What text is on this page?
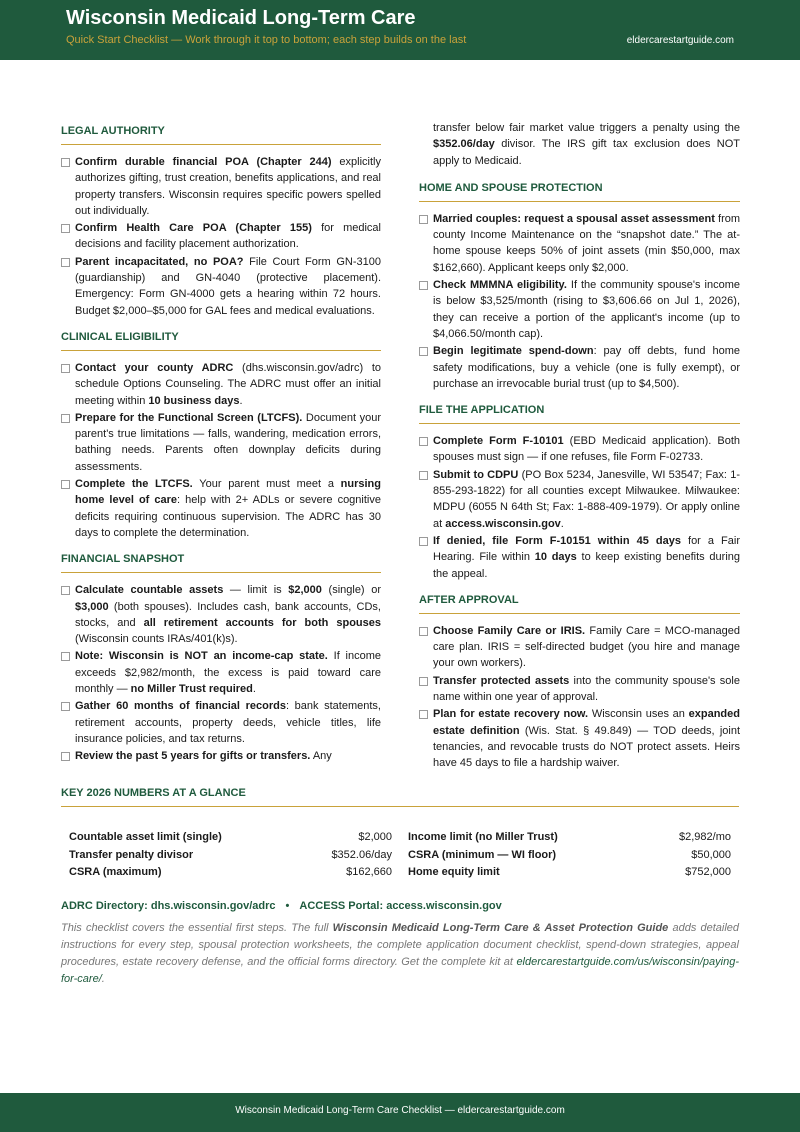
Wisconsin Medicaid Long-Term Care
Quick Start Checklist — Work through it top to bottom; each step builds on the last	eldercarestartguide.com
LEGAL AUTHORITY
Confirm durable financial POA (Chapter 244) explicitly authorizes gifting, trust creation, benefits applications, and real property transfers. Wisconsin requires specific powers spelled out individually.
Confirm Health Care POA (Chapter 155) for medical decisions and facility placement authorization.
Parent incapacitated, no POA? File Court Form GN-3100 (guardianship) and GN-4040 (protective placement). Emergency: Form GN-4000 gets a hearing within 72 hours. Budget $2,000–$5,000 for GAL fees and medical evaluations.
CLINICAL ELIGIBILITY
Contact your county ADRC (dhs.wisconsin.gov/adrc) to schedule Options Counseling. The ADRC must offer an initial meeting within 10 business days.
Prepare for the Functional Screen (LTCFS). Document your parent's true limitations — falls, wandering, medication errors, bathing needs. Parents often downplay deficits during assessments.
Complete the LTCFS. Your parent must meet a nursing home level of care: help with 2+ ADLs or severe cognitive deficits requiring continuous supervision. The ADRC has 30 days to complete the determination.
FINANCIAL SNAPSHOT
Calculate countable assets — limit is $2,000 (single) or $3,000 (both spouses). Includes cash, bank accounts, CDs, stocks, and all retirement accounts for both spouses (Wisconsin counts IRAs/401(k)s).
Note: Wisconsin is NOT an income-cap state. If income exceeds $2,982/month, the excess is paid toward care monthly — no Miller Trust required.
Gather 60 months of financial records: bank statements, retirement accounts, property deeds, vehicle titles, life insurance policies, and tax returns.
Review the past 5 years for gifts or transfers. Any
transfer below fair market value triggers a penalty using the $352.06/day divisor. The IRS gift tax exclusion does NOT apply to Medicaid.
HOME AND SPOUSE PROTECTION
Married couples: request a spousal asset assessment from county Income Maintenance on the “snapshot date.” The at-home spouse keeps 50% of joint assets (min $50,000, max $162,660). Applicant keeps only $2,000.
Check MMMNA eligibility. If the community spouse's income is below $3,525/month (rising to $3,606.66 on Jul 1, 2026), they can receive a portion of the applicant's income (up to $4,066.50/month cap).
Begin legitimate spend-down: pay off debts, fund home safety modifications, buy a vehicle (one is fully exempt), or purchase an irrevocable burial trust (up to $4,500).
FILE THE APPLICATION
Complete Form F-10101 (EBD Medicaid application). Both spouses must sign — if one refuses, file Form F-02733.
Submit to CDPU (PO Box 5234, Janesville, WI 53547; Fax: 1-855-293-1822) for all counties except Milwaukee. Milwaukee: MDPU (6055 N 64th St; Fax: 1-888-409-1979). Or apply online at access.wisconsin.gov.
If denied, file Form F-10151 within 45 days for a Fair Hearing. File within 10 days to keep existing benefits during the appeal.
AFTER APPROVAL
Choose Family Care or IRIS. Family Care = MCO-managed care plan. IRIS = self-directed budget (you hire and manage your own workers).
Transfer protected assets into the community spouse's sole name within one year of approval.
Plan for estate recovery now. Wisconsin uses an expanded estate definition (Wis. Stat. § 49.849) — TOD deeds, joint tenancies, and revocable trusts do NOT protect assets. Heirs have 45 days to file a hardship waiver.
KEY 2026 NUMBERS AT A GLANCE
Countable asset limit (single)	$2,000
Transfer penalty divisor	$352.06/day
CSRA (maximum)	$162,660
Income limit (no Miller Trust)	$2,982/mo
CSRA (minimum — WI floor)	$50,000
Home equity limit	$752,000
ADRC Directory: dhs.wisconsin.gov/adrc • ACCESS Portal: access.wisconsin.gov
This checklist covers the essential first steps. The full Wisconsin Medicaid Long-Term Care & Asset Protection Guide adds detailed instructions for every step, spousal protection worksheets, the complete application document checklist, spend-down strategies, appeal procedures, estate recovery defense, and the official forms directory. Get the complete kit at eldercarestartguide.com/us/wisconsin/paying-for-care/.
Wisconsin Medicaid Long-Term Care Checklist — eldercarestartguide.com
